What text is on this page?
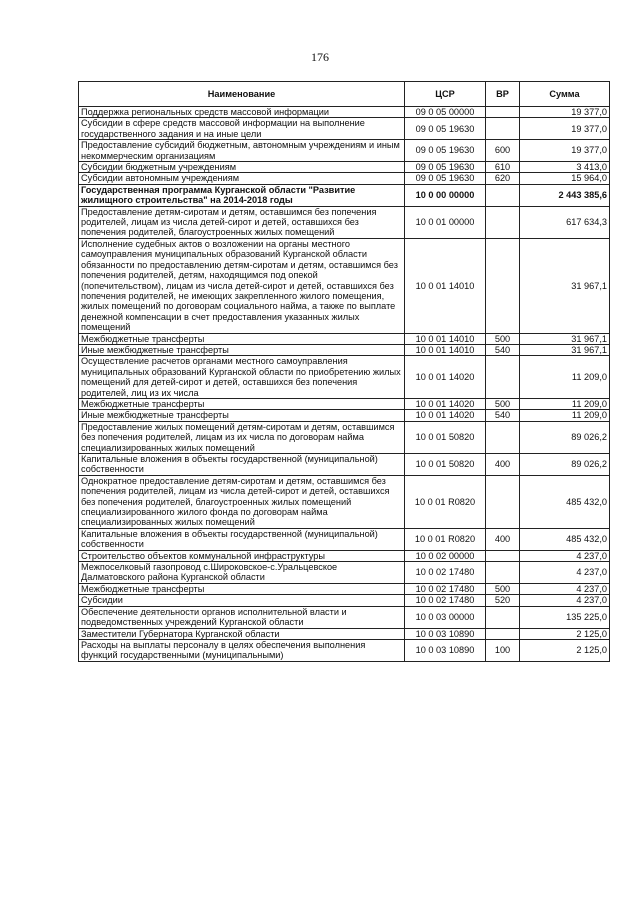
176
Наименование	ЦСР	ВР	Сумма
Поддержка региональных средств массовой информации	09 0 05 00000		19 377,0
Субсидии в сфере средств массовой информации на выполнение государственного задания и на иные цели	09 0 05 19630		19 377,0
Предоставление субсидий бюджетным, автономным учреждениям и иным некоммерческим организациям	09 0 05 19630	600	19 377,0
Субсидии бюджетным учреждениям	09 0 05 19630	610	3 413,0
Субсидии автономным учреждениям	09 0 05 19630	620	15 964,0
Государственная программа Курганской области "Развитие жилищного строительства" на 2014-2018 годы	10 0 00 00000		2 443 385,6
Предоставление детям-сиротам и детям, оставшимся без попечения родителей, лицам из числа детей-сирот и детей, оставшихся без попечения родителей, благоустроенных жилых помещений	10 0 01 00000		617 634,3
Исполнение судебных актов о возложении на органы местного самоуправления муниципальных образований Курганской области обязанности по предоставлению детям-сиротам и детям, оставшимся без попечения родителей, детям, находящимся под опекой (попечительством), лицам из числа детей-сирот и детей, оставшихся без попечения родителей, не имеющих закрепленного жилого помещения, жилых помещений по договорам социального найма, а также по выплате денежной компенсации в счет предоставления указанных жилых помещений	10 0 01 14010		31 967,1
Межбюджетные трансферты	10 0 01 14010	500	31 967,1
Иные межбюджетные трансферты	10 0 01 14010	540	31 967,1
Осуществление расчетов органами местного самоуправления муниципальных образований Курганской области по приобретению жилых помещений для детей-сирот и детей, оставшихся без попечения родителей, лиц из их числа	10 0 01 14020		11 209,0
Межбюджетные трансферты	10 0 01 14020	500	11 209,0
Иные межбюджетные трансферты	10 0 01 14020	540	11 209,0
Предоставление жилых помещений детям-сиротам и детям, оставшимся без попечения родителей, лицам из их числа по договорам найма специализированных жилых помещений	10 0 01 50820		89 026,2
Капитальные вложения в объекты государственной (муниципальной) собственности	10 0 01 50820	400	89 026,2
Однократное предоставление детям-сиротам и детям, оставшимся без попечения родителей, лицам из числа детей-сирот и детей, оставшихся без попечения родителей, благоустроенных жилых помещений специализированного жилого фонда по договорам найма специализированных жилых помещений	10 0 01 R0820		485 432,0
Капитальные вложения в объекты государственной (муниципальной) собственности	10 0 01 R0820	400	485 432,0
Строительство объектов коммунальной инфраструктуры	10 0 02 00000		4 237,0
Межпоселковый газопровод с.Широковское-с.Уральцевское Далматовского района Курганской области	10 0 02 17480		4 237,0
Межбюджетные трансферты	10 0 02 17480	500	4 237,0
Субсидии	10 0 02 17480	520	4 237,0
Обеспечение деятельности органов исполнительной власти и подведомственных учреждений Курганской области	10 0 03 00000		135 225,0
Заместители Губернатора Курганской области	10 0 03 10890		2 125,0
Расходы на выплаты персоналу в целях обеспечения выполнения функций государственными (муниципальными)	10 0 03 10890	100	2 125,0
